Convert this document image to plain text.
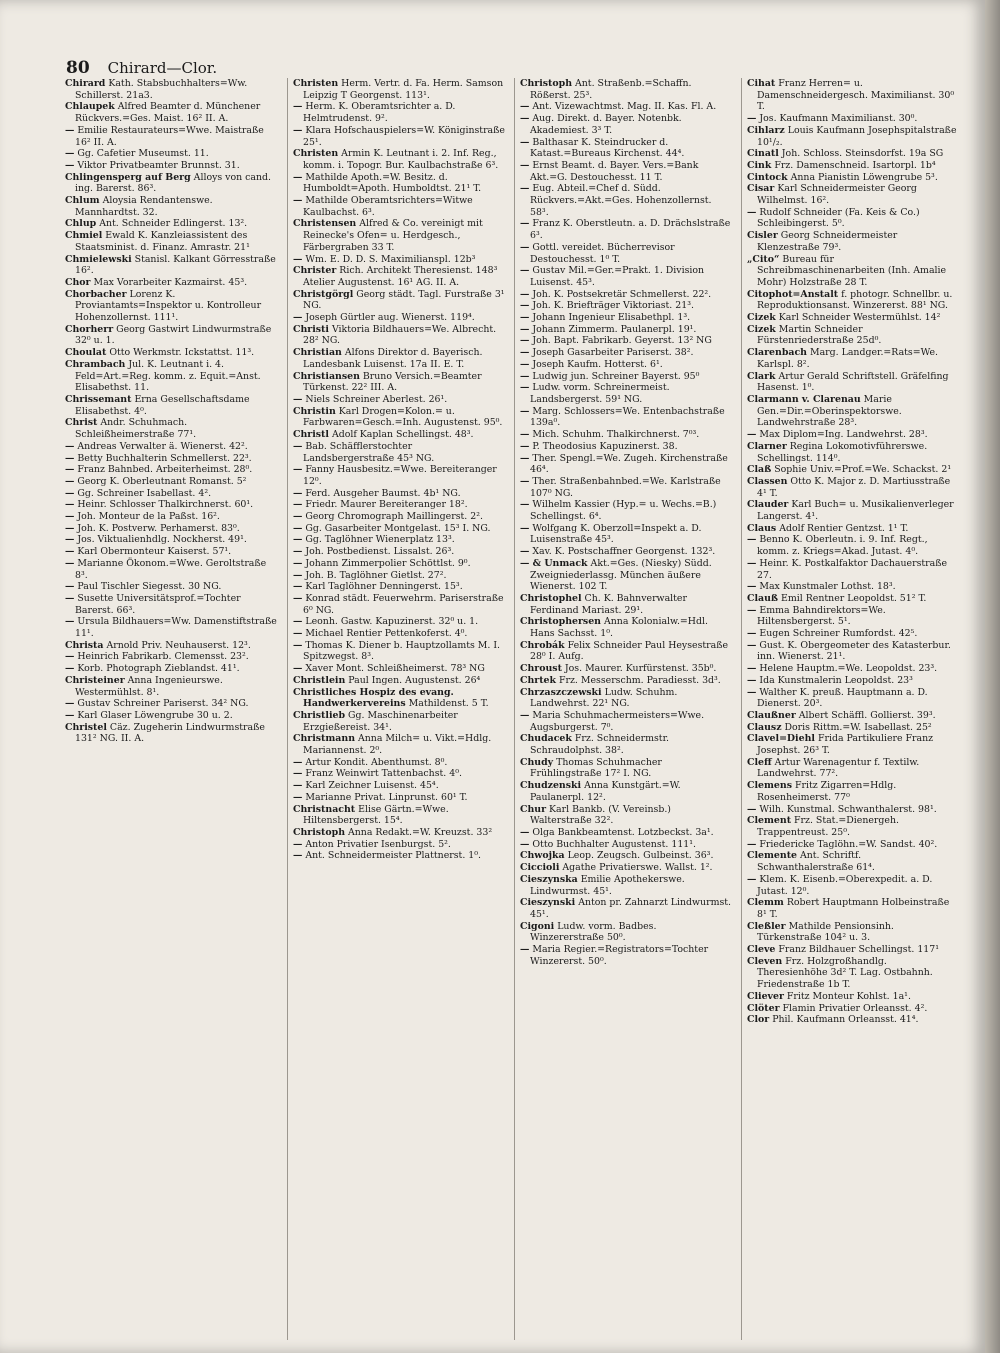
80 Chirard—Clor.

Chirard Kath. Stabsbuchhalters=Ww. Schillerst. 21a3.

Chlaupek Alfred Beamter d. Münchener Rückvers.=Ges. Maist. 16² II. A.

— Emilie Restaurateurs=Wwe. Maistraße 16² II. A.

— Gg. Cafetier Museumst. 11.

— Viktor Privatbeamter Brunnst. 31.

Chlingensperg auf Berg Alloys von cand. ing. Barerst. 86³.

Chlum Aloysia Rendantenswe. Mannhardtst. 32.

Chlup Ant. Schneider Edlingerst. 13².

Chmiel Ewald K. Kanzleiassistent des Staatsminist. d. Finanz. Amrastr. 21¹

Chmielewski Stanisl. Kalkant Görresstraße 16².

Chor Max Vorarbeiter Kazmairst. 45³.

Chorbacher Lorenz K. Proviantamts=Inspektor u. Kontrolleur Hohenzollernst. 111¹.

Chorherr Georg Gastwirt Lindwurmstraße 32⁰ u. 1.

Choulat Otto Werkmstr. Ickstattst. 11³.

Chrambach Jul. K. Leutnant i. 4. Feld=Art.=Reg. komm. z. Equit.=Anst. Elisabethst. 11.

Chrissemant Erna Gesellschaftsdame Elisabethst. 4⁰.

Christ Andr. Schuhmach. Schleißheimerstraße 77¹.

— Andreas Verwalter ä. Wienerst. 42².

— Betty Buchhalterin Schmellerst. 22³.

— Franz Bahnbed. Arbeiterheimst. 28⁰.

— Georg K. Oberleutnant Romanst. 5²

— Gg. Schreiner Isabellast. 4².

— Heinr. Schlosser Thalkirchnerst. 60¹.

— Joh. Monteur de la Paßst. 16².

— Joh. K. Postverw. Perhamerst. 83⁰.

— Jos. Viktualienhdlg. Nockherst. 49¹.

— Karl Obermonteur Kaiserst. 57¹.

— Marianne Ökonom.=Wwe. Geroltstraße 8³.

— Paul Tischler Siegesst. 30 NG.

— Susette Universitätsprof.=Tochter Barerst. 66³.

— Ursula Bildhauers=Ww. Damenstiftstraße 11¹.

Christa Arnold Priv. Neuhauserst. 12³.

— Heinrich Fabrikarb. Clemensst. 23².

— Korb. Photograph Zieblandst. 41¹.

Christeiner Anna Ingenieurswe. Westermühlst. 8¹.

— Gustav Schreiner Pariserst. 34² NG.

— Karl Glaser Löwengrube 30 u. 2.

Christel Cäz. Zugeherin Lindwurmstraße 131² NG. II. A.

Christen Herm. Vertr. d. Fa. Herm. Samson Leipzig T Georgenst. 113¹.

— Herm. K. Oberamtsrichter a. D. Helmtrudenst. 9².

— Klara Hofschauspielers=W. Königinstraße 25¹.

Christen Armin K. Leutnant i. 2. Inf. Reg., komm. i. Topogr. Bur. Kaulbachstraße 6³.

— Mathilde Apoth.=W. Besitz. d. Humboldt=Apoth. Humboldtst. 21¹ T.

— Mathilde Oberamtsrichters=Witwe Kaulbachst. 6³.

Christensen Alfred & Co. vereinigt mit Reinecke's Ofen= u. Herdgesch., Färbergraben 33 T.

— Wm. E. D. D. S. Maximilianspl. 12b³

Christer Rich. Architekt Theresienst. 148³ Atelier Augustenst. 16¹ AG. II. A.

Christgörgl Georg städt. Tagl. Furstraße 3¹ NG.

— Joseph Gürtler aug. Wienerst. 119⁴.

Christi Viktoria Bildhauers=We. Albrecht. 28² NG.

Christian Alfons Direktor d. Bayerisch. Landesbank Luisenst. 17a II. E. T.

Christiansen Bruno Versich.=Beamter Türkenst. 22² III. A.

— Niels Schreiner Aberlest. 26¹.

Christin Karl Drogen=Kolon.= u. Farbwaren=Gesch.=Inh. Augustenst. 95⁰.

Christl Adolf Kaplan Schellingst. 48³.

— Bab. Schäfflerstochter Landsbergerstraße 45³ NG.

— Fanny Hausbesitz.=Wwe. Bereiteranger 12⁰.

— Ferd. Ausgeher Baumst. 4b¹ NG.

— Friedr. Maurer Bereiteranger 18².

— Georg Chromograph Maillingerst. 2².

— Gg. Gasarbeiter Montgelast. 15³ I. NG.

— Gg. Taglöhner Wienerplatz 13³.

— Joh. Postbedienst. Lissalst. 26³.

— Johann Zimmerpolier Schöttlst. 9⁰.

— Joh. B. Taglöhner Gietlst. 27².

— Karl Taglöhner Denningerst. 15³.

— Konrad städt. Feuerwehrm. Pariserstraße 6⁰ NG.

— Leonh. Gastw. Kapuzinerst. 32⁰ u. 1.

— Michael Rentier Pettenkoferst. 4⁰.

— Thomas K. Diener b. Hauptzollamts M. I. Spitzwegst. 8³.

— Xaver Mont. Schleißheimerst. 78³ NG

Christlein Paul Ingen. Augustenst. 26⁴

Christliches Hospiz des evang. Handwerkervereins Mathildenst. 5 T.

Christlieb Gg. Maschinenarbeiter Erzgießereist. 34¹.

Christmann Anna Milch= u. Vikt.=Hdlg. Mariannenst. 2⁰.

— Artur Kondit. Abenthumst. 8⁰.

— Franz Weinwirt Tattenbachst. 4⁰.

— Karl Zeichner Luisenst. 45⁴.

— Marianne Privat. Linprunst. 60¹ T.

Christnacht Elise Gärtn.=Wwe. Hiltensbergerst. 15⁴.

Christoph Anna Redakt.=W. Kreuzst. 33²

— Anton Privatier Isenburgst. 5².

— Ant. Schneidermeister Plattnerst. 1⁰.

Christoph Ant. Straßenb.=Schaffn. Rößerst. 25³.

— Ant. Vizewachtmst. Mag. II. Kas. Fl. A.

— Aug. Direkt. d. Bayer. Notenbk. Akademiest. 3³ T.

— Balthasar K. Steindrucker d. Katast.=Bureaus Kirchenst. 44⁴.

— Ernst Beamt. d. Bayer. Vers.=Bank Akt.=G. Destouchesst. 11 T.

— Eug. Abteil.=Chef d. Südd. Rückvers.=Akt.=Ges. Hohenzollernst. 58³.

— Franz K. Oberstleutn. a. D. Drächslstraße 6³.

— Gottl. vereidet. Bücherrevisor Destouchesst. 1⁰ T.

— Gustav Mil.=Ger.=Prakt. 1. Division Luisenst. 45³.

— Joh. K. Postsekretär Schmellerst. 22².

— Joh. K. Briefträger Viktoriast. 21³.

— Johann Ingenieur Elisabethpl. 1³.

— Johann Zimmerm. Paulanerpl. 19¹.

— Joh. Bapt. Fabrikarb. Geyerst. 13² NG

— Joseph Gasarbeiter Pariserst. 38².

— Joseph Kaufm. Hotterst. 6¹.

— Ludwig jun. Schreiner Bayerst. 95⁰

— Ludw. vorm. Schreinermeist. Landsbergerst. 59¹ NG.

— Marg. Schlossers=We. Entenbachstraße 139a⁰.

— Mich. Schuhm. Thalkirchnerst. 7⁰³.

— P. Theodosius Kapuzinerst. 38.

— Ther. Spengl.=We. Zugeh. Kirchenstraße 46⁴.

— Ther. Straßenbahnbed.=We. Karlstraße 107⁰ NG.

— Wilhelm Kassier (Hyp.= u. Wechs.=B.) Schellingst. 6⁴.

— Wolfgang K. Oberzoll=Inspekt a. D. Luisenstraße 45³.

— Xav. K. Postschaffner Georgenst. 132³.

— & Unmack Akt.=Ges. (Niesky) Südd. Zweigniederlassg. München äußere Wienerst. 102 T.

Christophel Ch. K. Bahnverwalter Ferdinand Mariast. 29¹.

Christophersen Anna Kolonialw.=Hdl. Hans Sachsst. 1⁰.

Chrobák Felix Schneider Paul Heysestraße 28⁰ I. Aufg.

Chroust Jos. Maurer. Kurfürstenst. 35b⁰.

Chrtek Frz. Messerschm. Paradiesst. 3d³.

Chrzaszczewski Ludw. Schuhm. Landwehrst. 22¹ NG.

— Maria Schuhmachermeisters=Wwe. Augsburgerst. 7⁰.

Chudacek Frz. Schneidermstr. Schraudolphst. 38².

Chudy Thomas Schuhmacher Frühlingstraße 17² I. NG.

Chudzenski Anna Kunstgärt.=W. Paulanerpl. 12².

Chur Karl Bankb. (V. Vereinsb.) Walterstraße 32².

— Olga Bankbeamtenst. Lotzbeckst. 3a¹.

— Otto Buchhalter Augustenst. 111¹.

Chwojka Leop. Zeugsch. Gulbeinst. 36³.

Ciccioli Agathe Privatierswe. Wallst. 1².

Cieszynska Emilie Apothekerswe. Lindwurmst. 45¹.

Cieszynski Anton pr. Zahnarzt Lindwurmst. 45¹.

Cigoni Ludw. vorm. Badbes. Winzererstraße 50⁰.

— Maria Regier.=Registrators=Tochter Winzererst. 50⁰.

Cihat Franz Herren= u. Damenschneidergesch. Maximilianst. 30⁰ T.

— Jos. Kaufmann Maximilianst. 30⁰.

Cihlarz Louis Kaufmann Josephspitalstraße 10¹/₂.

Cinatl Joh. Schloss. Steinsdorfst. 19a SG

Cink Frz. Damenschneid. Isartorpl. 1b⁴

Cintock Anna Pianistin Löwengrube 5³.

Cisar Karl Schneidermeister Georg Wilhelmst. 16².

— Rudolf Schneider (Fa. Keis & Co.) Schleibingerst. 5⁰.

Cisler Georg Schneidermeister Klenzestraße 79³.

„Cito“ Bureau für Schreibmaschinenarbeiten (Inh. Amalie Mohr) Holzstraße 28 T.

Citophot=Anstalt f. photogr. Schnellbr. u. Reproduktionsanst. Winzererst. 88¹ NG.

Cizek Karl Schneider Westermühlst. 14²

Cizek Martin Schneider Fürstenriederstraße 25d⁰.

Clarenbach Marg. Landger.=Rats=We. Karlspl. 8².

Clark Artur Gerald Schriftstell. Gräfelfing Hasenst. 1⁰.

Clarmann v. Clarenau Marie Gen.=Dir.=Oberinspektorswe. Landwehrstraße 28³.

— Max Diplom=Ing. Landwehrst. 28³.

Clarner Regina Lokomotivführerswe. Schellingst. 114⁰.

Claß Sophie Univ.=Prof.=We. Schackst. 2¹

Classen Otto K. Major z. D. Martiusstraße 4¹ T.

Clauder Karl Buch= u. Musikalienverleger Langerst. 4¹.

Claus Adolf Rentier Gentzst. 1¹ T.

— Benno K. Oberleutn. i. 9. Inf. Regt., komm. z. Kriegs=Akad. Jutast. 4⁰.

— Heinr. K. Postkalfaktor Dachauerstraße 27.

— Max Kunstmaler Lothst. 18³.

Clauß Emil Rentner Leopoldst. 51² T.

— Emma Bahndirektors=We. Hiltensbergerst. 5¹.

— Eugen Schreiner Rumfordst. 42⁵.

— Gust. K. Obergeometer des Katasterbur. inn. Wienerst. 21¹.

— Helene Hauptm.=We. Leopoldst. 23³.

— Ida Kunstmalerin Leopoldst. 23³

— Walther K. preuß. Hauptmann a. D. Dienerst. 20³.

Claußner Albert Schäffl. Gollierst. 39³.

Clausz Doris Rittm.=W. Isabellast. 25²

Clavel=Diehl Frida Partikuliere Franz Josephst. 26³ T.

Cleff Artur Warenagentur f. Textilw. Landwehrst. 77².

Clemens Fritz Zigarren=Hdlg. Rosenheimerst. 77⁰

— Wilh. Kunstmal. Schwanthalerst. 98¹.

Clement Frz. Stat.=Dienergeh. Trappentreust. 25⁰.

— Friedericke Taglöhn.=W. Sandst. 40².

Clemente Ant. Schriftf. Schwanthalerstraße 61⁴.

— Klem. K. Eisenb.=Oberexpedit. a. D. Jutast. 12⁰.

Clemm Robert Hauptmann Holbeinstraße 8¹ T.

Cleßler Mathilde Pensionsinh. Türkenstraße 104² u. 3.

Cleve Franz Bildhauer Schellingst. 117¹

Cleven Frz. Holzgroßhandlg. Theresienhöhe 3d² T. Lag. Ostbahnh. Friedenstraße 1b T.

Cliever Fritz Monteur Kohlst. 1a¹.

Clöter Flamin Privatier Orleansst. 4².

Clor Phil. Kaufmann Orleansst. 41⁴.
